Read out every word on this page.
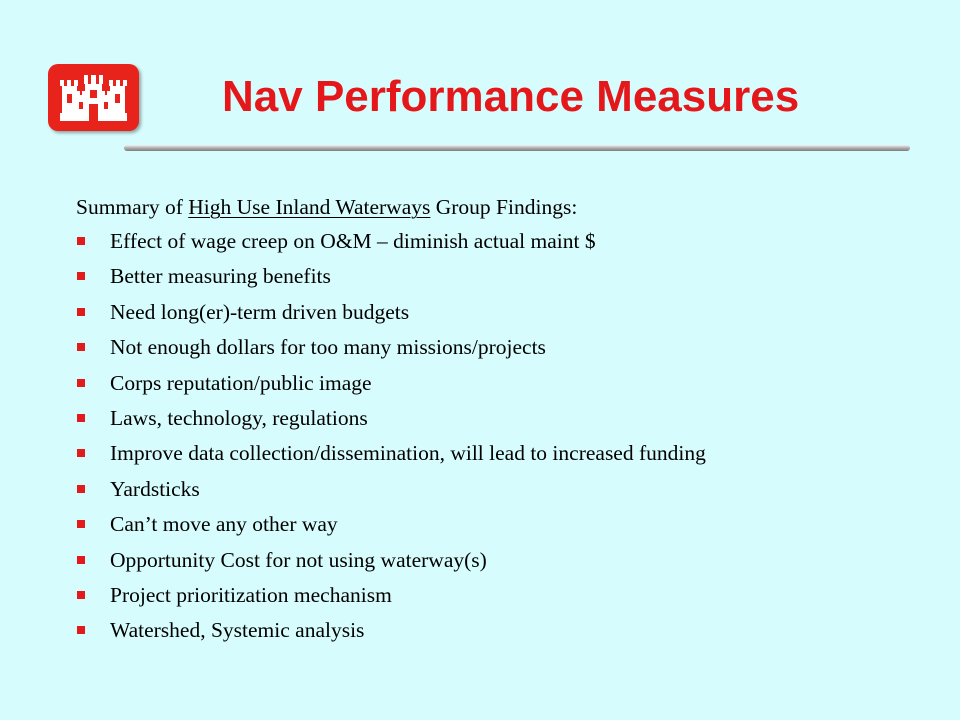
Nav Performance Measures
Summary of High Use Inland Waterways Group Findings:
Effect of wage creep on O&M – diminish actual maint $
Better measuring benefits
Need long(er)-term driven budgets
Not enough dollars for too many missions/projects
Corps reputation/public image
Laws, technology, regulations
Improve data collection/dissemination, will lead to increased funding
Yardsticks
Can’t move any other way
Opportunity Cost for not using waterway(s)
Project prioritization mechanism
Watershed, Systemic analysis
